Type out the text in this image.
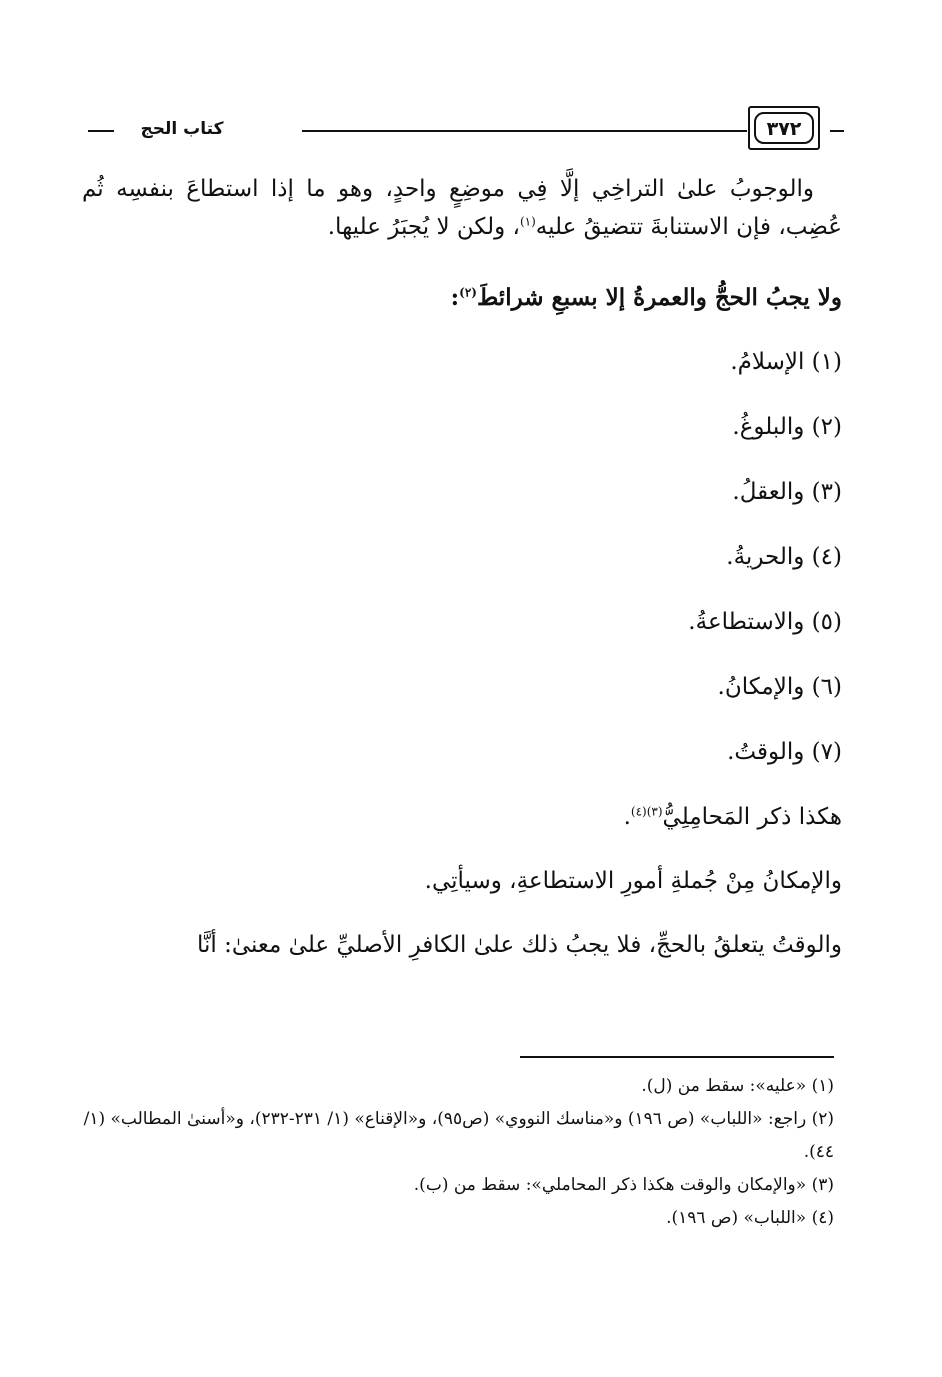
٣٧٢
كتاب الحج

والوجوبُ علىٰ التراخِي إلَّا فِي موضِعٍ واحدٍ، وهو ما إذا استطاعَ بنفسِه ثُم عُضِب، فإن الاستنابةَ تتضيقُ عليه$^{(١)}$، ولكن لا يُجبَرُ عليها.

ولا يجبُ الحجُّ والعمرةُ إلا بسبعِ شرائطَ$^{(٢)}$:

(١) الإسلامُ.

(٢) والبلوغُ.

(٣) والعقلُ.

(٤) والحريةُ.

(٥) والاستطاعةُ.

(٦) والإمكانُ.

(٧) والوقتُ.

هكذا ذكر المَحامِلِيُّ$^{(٣)(٤)}$.

والإمكانُ مِنْ جُملةِ أمورِ الاستطاعةِ، وسيأتِي.

والوقتُ يتعلقُ بالحجِّ، فلا يجبُ ذلك علىٰ الكافرِ الأصليِّ علىٰ معنىٰ: أنَّا

(١) «عليه»: سقط من (ل).

(٢) راجع: «اللباب» (ص ١٩٦) و«مناسك النووي» (ص٩٥)، و«الإقناع» (١/ ٢٣١-٢٣٢)، و«أسنىٰ المطالب» (١/ ٤٤).

(٣) «والإمكان والوقت هكذا ذكر المحاملي»: سقط من (ب).

(٤) «اللباب» (ص ١٩٦).
